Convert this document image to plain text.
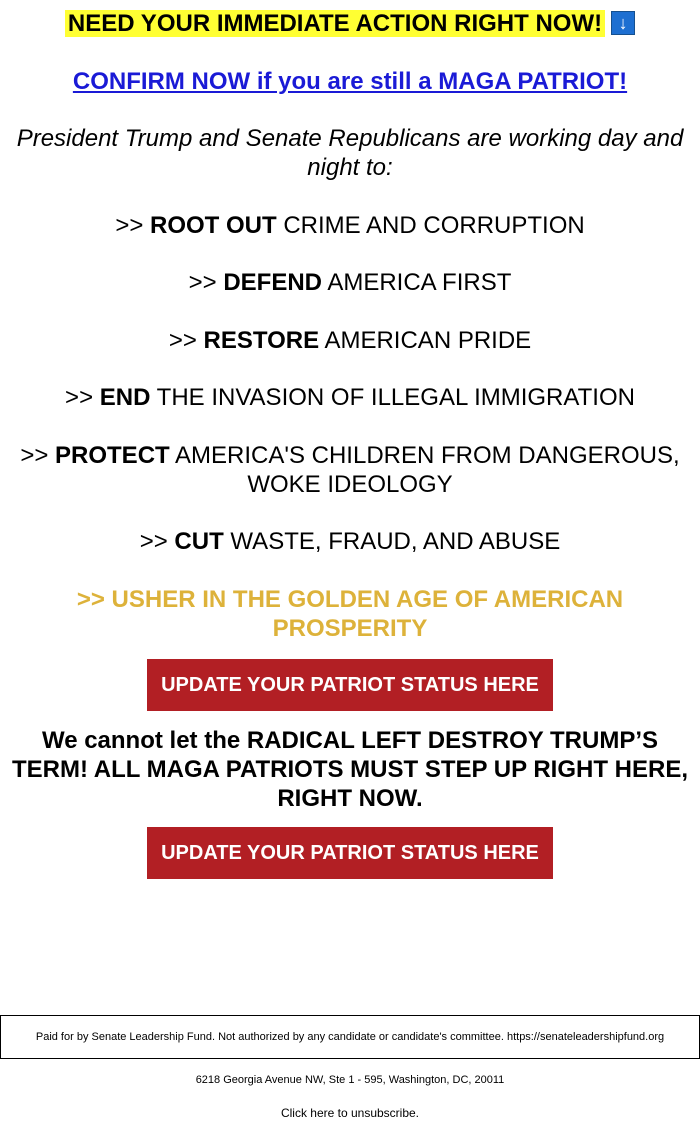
NEED YOUR IMMEDIATE ACTION RIGHT NOW! ↓
CONFIRM NOW if you are still a MAGA PATRIOT!
President Trump and Senate Republicans are working day and night to:
>> ROOT OUT CRIME AND CORRUPTION
>> DEFEND AMERICA FIRST
>> RESTORE AMERICAN PRIDE
>> END THE INVASION OF ILLEGAL IMMIGRATION
>> PROTECT AMERICA'S CHILDREN FROM DANGEROUS, WOKE IDEOLOGY
>> CUT WASTE, FRAUD, AND ABUSE
>> USHER IN THE GOLDEN AGE OF AMERICAN PROSPERITY
UPDATE YOUR PATRIOT STATUS HERE
We cannot let the RADICAL LEFT DESTROY TRUMP’S TERM! ALL MAGA PATRIOTS MUST STEP UP RIGHT HERE, RIGHT NOW.
UPDATE YOUR PATRIOT STATUS HERE
Paid for by Senate Leadership Fund. Not authorized by any candidate or candidate's committee. https://senateleadershipfund.org
6218 Georgia Avenue NW, Ste 1 - 595, Washington, DC, 20011
Click here to unsubscribe.
